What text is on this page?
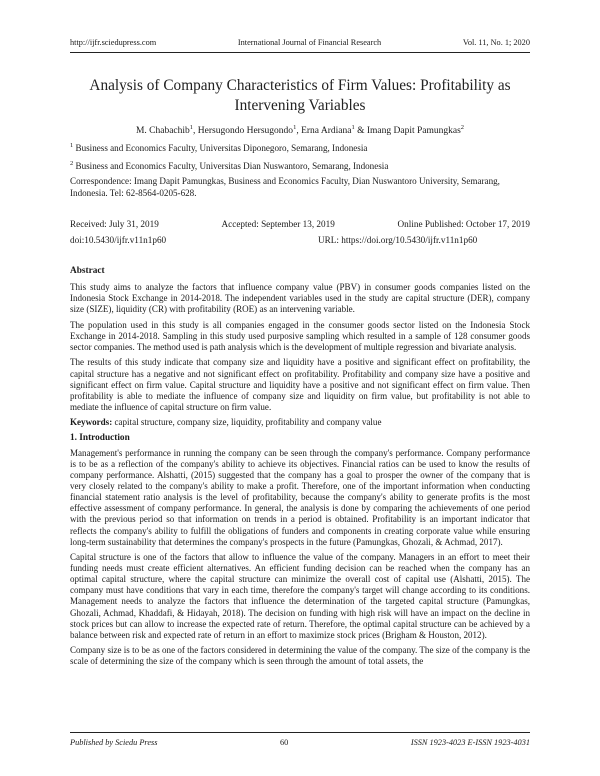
http://ijfr.sciedupress.com	International Journal of Financial Research	Vol. 11, No. 1; 2020
Analysis of Company Characteristics of Firm Values: Profitability as Intervening Variables
M. Chabachib$^1$, Hersugondo Hersugondo$^1$, Erna Ardiana$^1$ & Imang Dapit Pamungkas$^2$
$^1$ Business and Economics Faculty, Universitas Diponegoro, Semarang, Indonesia
$^2$ Business and Economics Faculty, Universitas Dian Nuswantoro, Semarang, Indonesia
Correspondence: Imang Dapit Pamungkas, Business and Economics Faculty, Dian Nuswantoro University, Semarang, Indonesia. Tel: 62-8564-0205-628.
Received: July 31, 2019	Accepted: September 13, 2019	Online Published: October 17, 2019
doi:10.5430/ijfr.v11n1p60	URL: https://doi.org/10.5430/ijfr.v11n1p60
Abstract

This study aims to analyze the factors that influence company value (PBV) in consumer goods companies listed on the Indonesia Stock Exchange in 2014-2018. The independent variables used in the study are capital structure (DER), company size (SIZE), liquidity (CR) with profitability (ROE) as an intervening variable.

The population used in this study is all companies engaged in the consumer goods sector listed on the Indonesia Stock Exchange in 2014-2018. Sampling in this study used purposive sampling which resulted in a sample of 128 consumer goods sector companies. The method used is path analysis which is the development of multiple regression and bivariate analysis.

The results of this study indicate that company size and liquidity have a positive and significant effect on profitability, the capital structure has a negative and not significant effect on profitability. Profitability and company size have a positive and significant effect on firm value. Capital structure and liquidity have a positive and not significant effect on firm value. Then profitability is able to mediate the influence of company size and liquidity on firm value, but profitability is not able to mediate the influence of capital structure on firm value.

Keywords: capital structure, company size, liquidity, profitability and company value

1. Introduction

Management's performance in running the company can be seen through the company's performance. Company performance is to be as a reflection of the company's ability to achieve its objectives. Financial ratios can be used to know the results of company performance. Alshatti, (2015) suggested that the company has a goal to prosper the owner of the company that is very closely related to the company's ability to make a profit. Therefore, one of the important information when conducting financial statement ratio analysis is the level of profitability, because the company's ability to generate profits is the most effective assessment of company performance. In general, the analysis is done by comparing the achievements of one period with the previous period so that information on trends in a period is obtained. Profitability is an important indicator that reflects the company's ability to fulfill the obligations of funders and components in creating corporate value while ensuring long-term sustainability that determines the company's prospects in the future (Pamungkas, Ghozali, & Achmad, 2017).

Capital structure is one of the factors that allow to influence the value of the company. Managers in an effort to meet their funding needs must create efficient alternatives. An efficient funding decision can be reached when the company has an optimal capital structure, where the capital structure can minimize the overall cost of capital use (Alshatti, 2015). The company must have conditions that vary in each time, therefore the company's target will change according to its conditions. Management needs to analyze the factors that influence the determination of the targeted capital structure (Pamungkas, Ghozali, Achmad, Khaddafi, & Hidayah, 2018). The decision on funding with high risk will have an impact on the decline in stock prices but can allow to increase the expected rate of return. Therefore, the optimal capital structure can be achieved by a balance between risk and expected rate of return in an effort to maximize stock prices (Brigham & Houston, 2012).

Company size is to be as one of the factors considered in determining the value of the company. The size of the company is the scale of determining the size of the company which is seen through the amount of total assets, the

Published by Sciedu Press	60	ISSN 1923-4023 E-ISSN 1923-4031
